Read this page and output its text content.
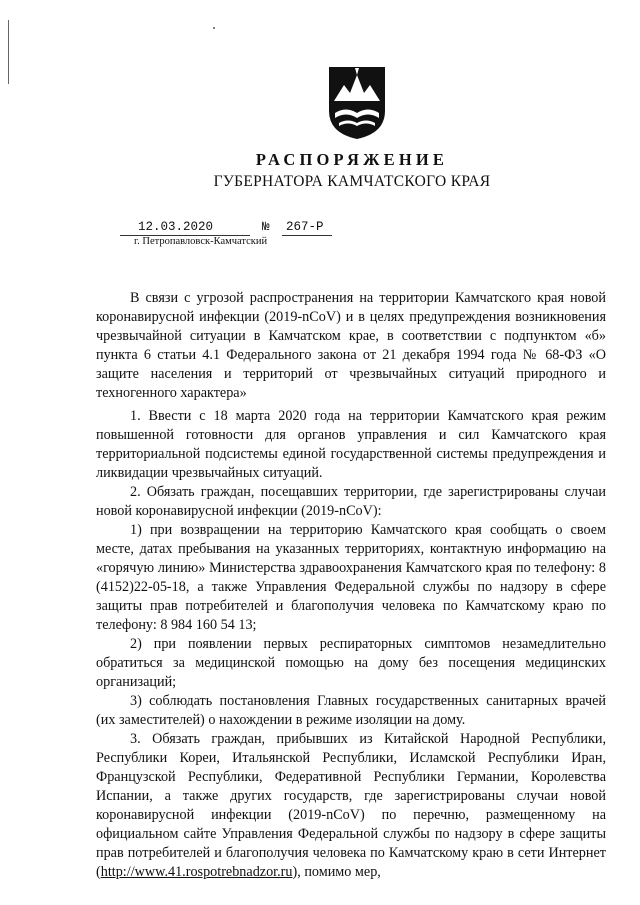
РАСПОРЯЖЕНИЕ
ГУБЕРНАТОРА КАМЧАТСКОГО КРАЯ
12.03.2020	№ 267-Р
г. Петропавловск-Камчатский

В связи с угрозой распространения на территории Камчатского края новой коронавирусной инфекции (2019-nCoV) и в целях предупреждения возникновения чрезвычайной ситуации в Камчатском крае, в соответствии с подпунктом «б» пункта 6 статьи 4.1 Федерального закона от 21 декабря 1994 года № 68-ФЗ «О защите населения и территорий от чрезвычайных ситуаций природного и техногенного характера»

1. Ввести с 18 марта 2020 года на территории Камчатского края режим повышенной готовности для органов управления и сил Камчатского края территориальной подсистемы единой государственной системы предупреждения и ликвидации чрезвычайных ситуаций.

2. Обязать граждан, посещавших территории, где зарегистрированы случаи новой коронавирусной инфекции (2019-nCoV):

1) при возвращении на территорию Камчатского края сообщать о своем месте, датах пребывания на указанных территориях, контактную информацию на «горячую линию» Министерства здравоохранения Камчатского края по телефону: 8 (4152)22-05-18, а также Управления Федеральной службы по надзору в сфере защиты прав потребителей и благополучия человека по Камчатскому краю по телефону: 8 984 160 54 13;

2) при появлении первых респираторных симптомов незамедлительно обратиться за медицинской помощью на дому без посещения медицинских организаций;

3) соблюдать постановления Главных государственных санитарных врачей (их заместителей) о нахождении в режиме изоляции на дому.

3. Обязать граждан, прибывших из Китайской Народной Республики, Республики Кореи, Итальянской Республики, Исламской Республики Иран, Французской Республики, Федеративной Республики Германии, Королевства Испании, а также других государств, где зарегистрированы случаи новой коронавирусной инфекции (2019-nCoV) по перечню, размещенному на официальном сайте Управления Федеральной службы по надзору в сфере защиты прав потребителей и благополучия человека по Камчатскому краю в сети Интернет (http://www.41.rospotrebnadzor.ru), помимо мер,
